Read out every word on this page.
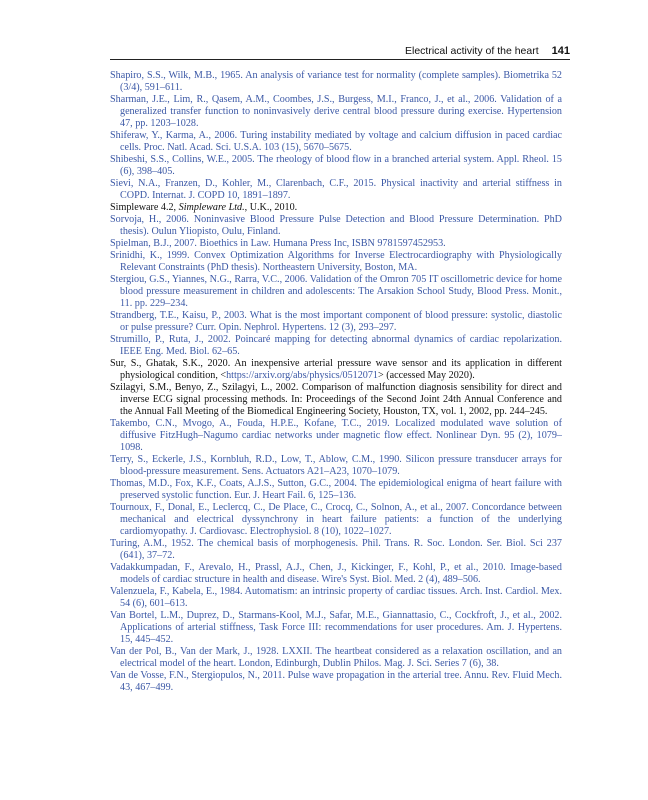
Electrical activity of the heart 141
Shapiro, S.S., Wilk, M.B., 1965. An analysis of variance test for normality (complete samples). Biometrika 52 (3/4), 591–611.
Sharman, J.E., Lim, R., Qasem, A.M., Coombes, J.S., Burgess, M.I., Franco, J., et al., 2006. Validation of a generalized transfer function to noninvasively derive central blood pressure during exercise. Hypertension 47, pp. 1203–1028.
Shiferaw, Y., Karma, A., 2006. Turing instability mediated by voltage and calcium diffusion in paced cardiac cells. Proc. Natl. Acad. Sci. U.S.A. 103 (15), 5670–5675.
Shibeshi, S.S., Collins, W.E., 2005. The rheology of blood flow in a branched arterial system. Appl. Rheol. 15 (6), 398–405.
Sievi, N.A., Franzen, D., Kohler, M., Clarenbach, C.F., 2015. Physical inactivity and arterial stiffness in COPD. Internat. J. COPD 10, 1891–1897.
Simpleware 4.2, Simpleware Ltd., U.K., 2010.
Sorvoja, H., 2006. Noninvasive Blood Pressure Pulse Detection and Blood Pressure Determination. PhD thesis). Oulun Yliopisto, Oulu, Finland.
Spielman, B.J., 2007. Bioethics in Law. Humana Press Inc, ISBN 9781597452953.
Srinidhi, K., 1999. Convex Optimization Algorithms for Inverse Electrocardiography with Physiologically Relevant Constraints (PhD thesis). Northeastern University, Boston, MA.
Stergiou, G.S., Yiannes, N.G., Rarra, V.C., 2006. Validation of the Omron 705 IT oscillometric device for home blood pressure measurement in children and adolescents: The Arsakion School Study, Blood Press. Monit., 11. pp. 229–234.
Strandberg, T.E., Kaisu, P., 2003. What is the most important component of blood pressure: systolic, diastolic or pulse pressure? Curr. Opin. Nephrol. Hypertens. 12 (3), 293–297.
Strumillo, P., Ruta, J., 2002. Poincaré mapping for detecting abnormal dynamics of cardiac repolarization. IEEE Eng. Med. Biol. 62–65.
Sur, S., Ghatak, S.K., 2020. An inexpensive arterial pressure wave sensor and its application in different physiological condition, <https://arxiv.org/abs/physics/0512071> (accessed May 2020).
Szilagyi, S.M., Benyo, Z., Szilagyi, L., 2002. Comparison of malfunction diagnosis sensibility for direct and inverse ECG signal processing methods. In: Proceedings of the Second Joint 24th Annual Conference and the Annual Fall Meeting of the Biomedical Engineering Society, Houston, TX, vol. 1, 2002, pp. 244–245.
Takembo, C.N., Mvogo, A., Fouda, H.P.E., Kofane, T.C., 2019. Localized modulated wave solution of diffusive FitzHugh–Nagumo cardiac networks under magnetic flow effect. Nonlinear Dyn. 95 (2), 1079–1098.
Terry, S., Eckerle, J.S., Kornbluh, R.D., Low, T., Ablow, C.M., 1990. Silicon pressure transducer arrays for blood-pressure measurement. Sens. Actuators A21–A23, 1070–1079.
Thomas, M.D., Fox, K.F., Coats, A.J.S., Sutton, G.C., 2004. The epidemiological enigma of heart failure with preserved systolic function. Eur. J. Heart Fail. 6, 125–136.
Tournoux, F., Donal, E., Leclercq, C., De Place, C., Crocq, C., Solnon, A., et al., 2007. Concordance between mechanical and electrical dyssynchrony in heart failure patients: a function of the underlying cardiomyopathy. J. Cardiovasc. Electrophysiol. 8 (10), 1022–1027.
Turing, A.M., 1952. The chemical basis of morphogenesis. Phil. Trans. R. Soc. London. Ser. Biol. Sci 237 (641), 37–72.
Vadakkumpadan, F., Arevalo, H., Prassl, A.J., Chen, J., Kickinger, F., Kohl, P., et al., 2010. Image-based models of cardiac structure in health and disease. Wire's Syst. Biol. Med. 2 (4), 489–506.
Valenzuela, F., Kabela, E., 1984. Automatism: an intrinsic property of cardiac tissues. Arch. Inst. Cardiol. Mex. 54 (6), 601–613.
Van Bortel, L.M., Duprez, D., Starmans-Kool, M.J., Safar, M.E., Giannattasio, C., Cockfroft, J., et al., 2002. Applications of arterial stiffness, Task Force III: recommendations for user procedures. Am. J. Hypertens. 15, 445–452.
Van der Pol, B., Van der Mark, J., 1928. LXXII. The heartbeat considered as a relaxation oscillation, and an electrical model of the heart. London, Edinburgh, Dublin Philos. Mag. J. Sci. Series 7 (6), 38.
Van de Vosse, F.N., Stergiopulos, N., 2011. Pulse wave propagation in the arterial tree. Annu. Rev. Fluid Mech. 43, 467–499.
